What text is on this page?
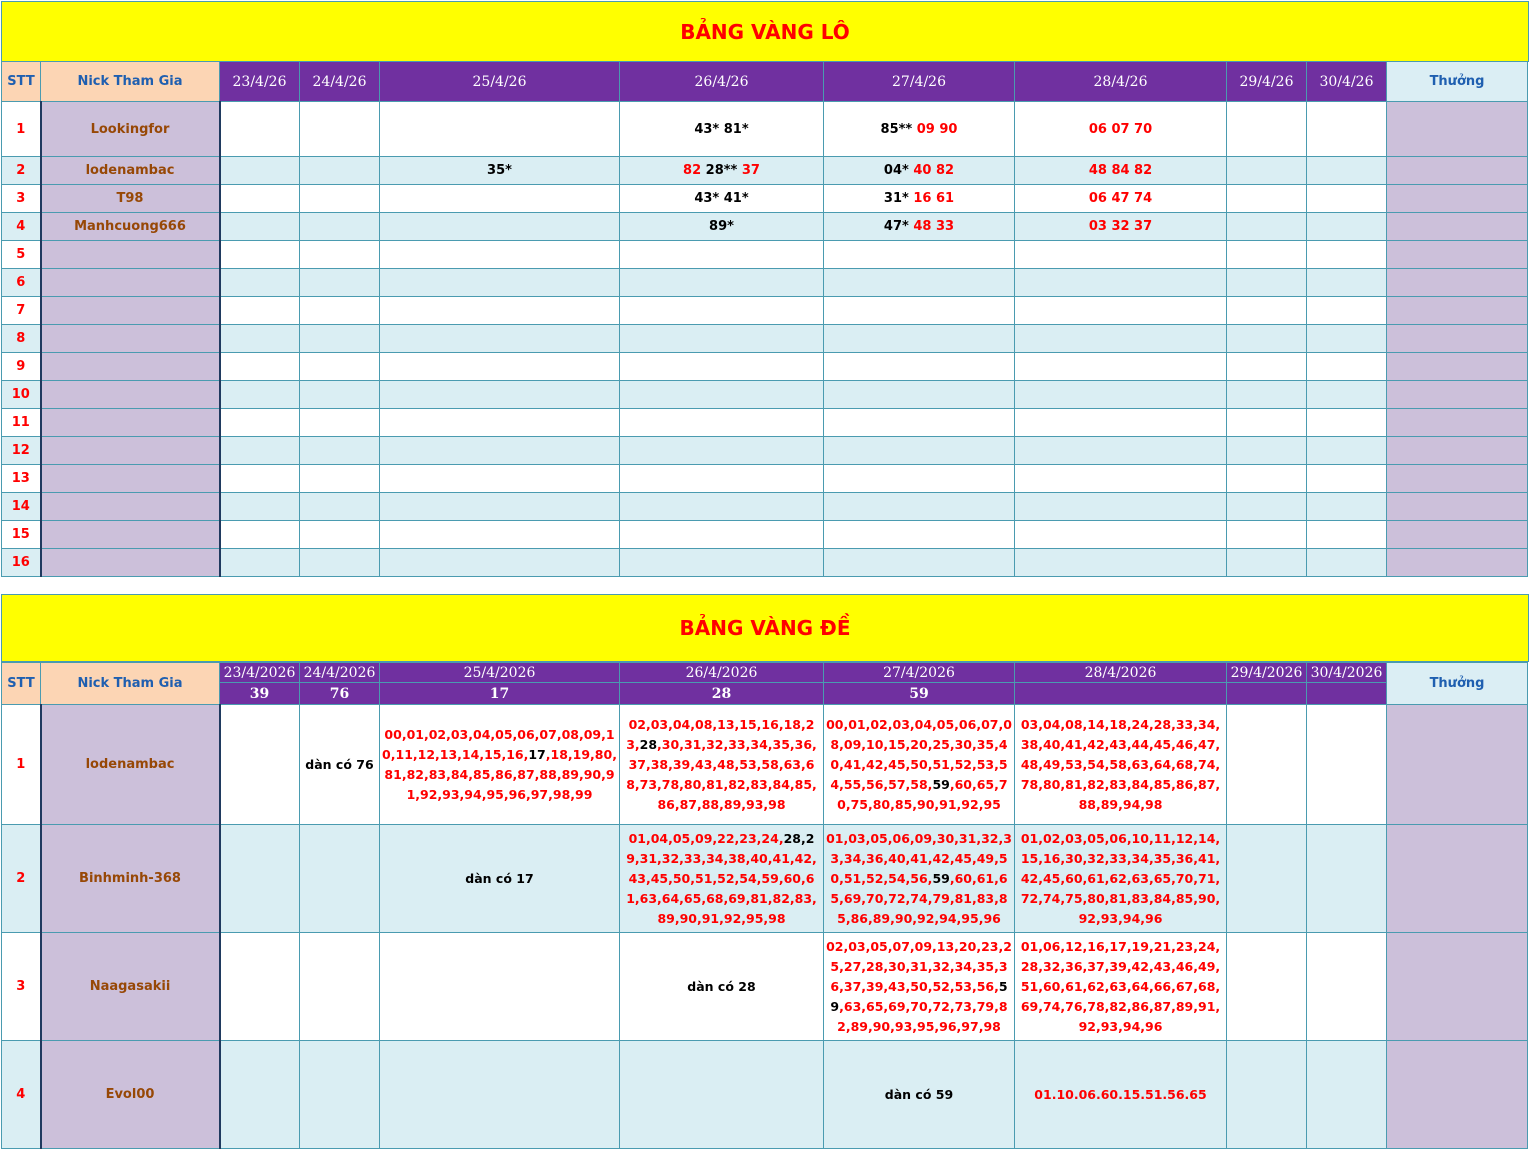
BẢNG VÀNG LÔ
STT	Nick Tham Gia	23/4/26	24/4/26	25/4/26	26/4/26	27/4/26	28/4/26	29/4/26	30/4/26	Thưởng
1	Lookingfor				43* 81*	85** 09 90	06 07 70			
2	lodenambac			35*	82 28** 37	04* 40 82	48 84 82			
3	T98				43* 41*	31* 16 61	06 47 74			
4	Manhcuong666				89*	47* 48 33	03 32 37			
5										
6										
7										
8										
9										
10										
11										
12										
13										
14										
15										
16										
BẢNG VÀNG ĐỀ
STT	Nick Tham Gia	23/4/2026	24/4/2026	25/4/2026	26/4/2026	27/4/2026	28/4/2026	29/4/2026	30/4/2026	Thưởng
		39	76	17	28	59				
1	lodenambac		dàn có 76	00,01,02,03,04,05,06,07,08,09,10,11,12,13,14,15,16,17,18,19,80,81,82,83,84,85,86,87,88,89,90,91,92,93,94,95,96,97,98,99	02,03,04,08,13,15,16,18,23,28,30,31,32,33,34,35,36,37,38,39,43,48,53,58,63,68,73,78,80,81,82,83,84,85,86,87,88,89,93,98	00,01,02,03,04,05,06,07,08,09,10,15,20,25,30,35,40,41,42,45,50,51,52,53,54,55,56,57,58,59,60,65,70,75,80,85,90,91,92,95	03,04,08,14,18,24,28,33,34,38,40,41,42,43,44,45,46,47,48,49,53,54,58,63,64,68,74,78,80,81,82,83,84,85,86,87,88,89,94,98			
2	Binhminh-368			dàn có 17	01,04,05,09,22,23,24,28,29,31,32,33,34,38,40,41,42,43,45,50,51,52,54,59,60,61,63,64,65,68,69,81,82,83,89,90,91,92,95,98	01,03,05,06,09,30,31,32,33,34,36,40,41,42,45,49,50,51,52,54,56,59,60,61,65,69,70,72,74,79,81,83,85,86,89,90,92,94,95,96	01,02,03,05,06,10,11,12,14,15,16,30,32,33,34,35,36,41,42,45,60,61,62,63,65,70,71,72,74,75,80,81,83,84,85,90,92,93,94,96			
3	Naagasakii				dàn có 28	02,03,05,07,09,13,20,23,25,27,28,30,31,32,34,35,36,37,39,43,50,52,53,56,59,63,65,69,70,72,73,79,82,89,90,93,95,96,97,98	01,06,12,16,17,19,21,23,24,28,32,36,37,39,42,43,46,49,51,60,61,62,63,64,66,67,68,69,74,76,78,82,86,87,89,91,92,93,94,96			
4	Evol00					dàn có 59	01.10.06.60.15.51.56.65			
